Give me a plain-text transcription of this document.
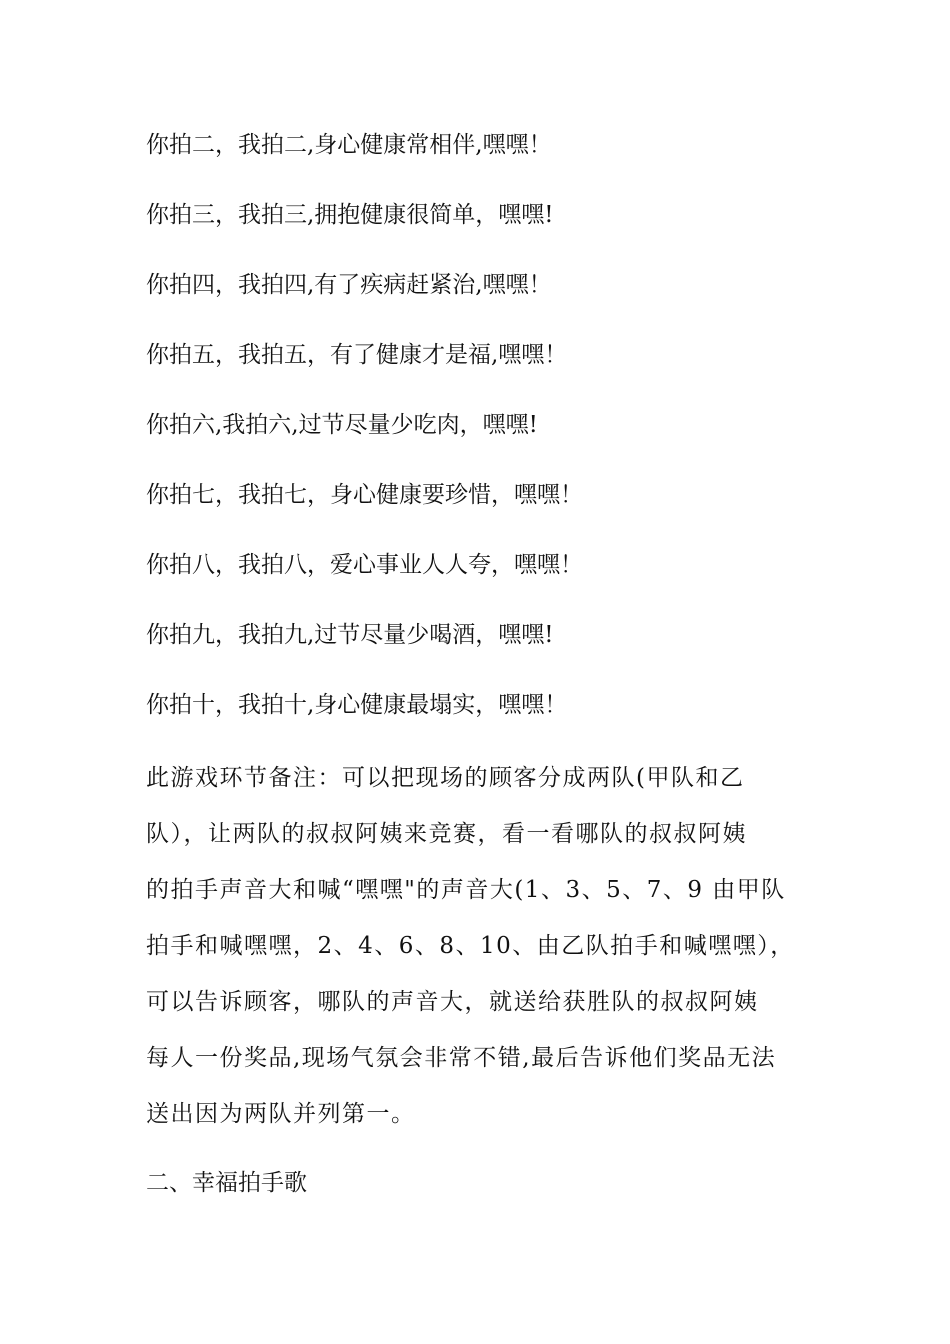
你拍二，我拍二,身心健康常相伴,嘿嘿！

你拍三，我拍三,拥抱健康很简单，嘿嘿!

你拍四，我拍四,有了疾病赶紧治,嘿嘿！

你拍五，我拍五，有了健康才是福,嘿嘿！

你拍六,我拍六,过节尽量少吃肉，嘿嘿!

你拍七，我拍七，身心健康要珍惜，嘿嘿！

你拍八，我拍八，爱心事业人人夸，嘿嘿！

你拍九，我拍九,过节尽量少喝酒，嘿嘿!

你拍十，我拍十,身心健康最塌实，嘿嘿！

此游戏环节备注：可以把现场的顾客分成两队(甲队和乙
队），让两队的叔叔阿姨来竞赛，看一看哪队的叔叔阿姨
的拍手声音大和喊“嘿嘿"的声音大(1、3、5、7、9 由甲队
拍手和喊嘿嘿，2、4、6、8、10、由乙队拍手和喊嘿嘿），
可以告诉顾客，哪队的声音大，就送给获胜队的叔叔阿姨
每人一份奖品,现场气氛会非常不错,最后告诉他们奖品无法
送出因为两队并列第一。

二、幸福拍手歌
